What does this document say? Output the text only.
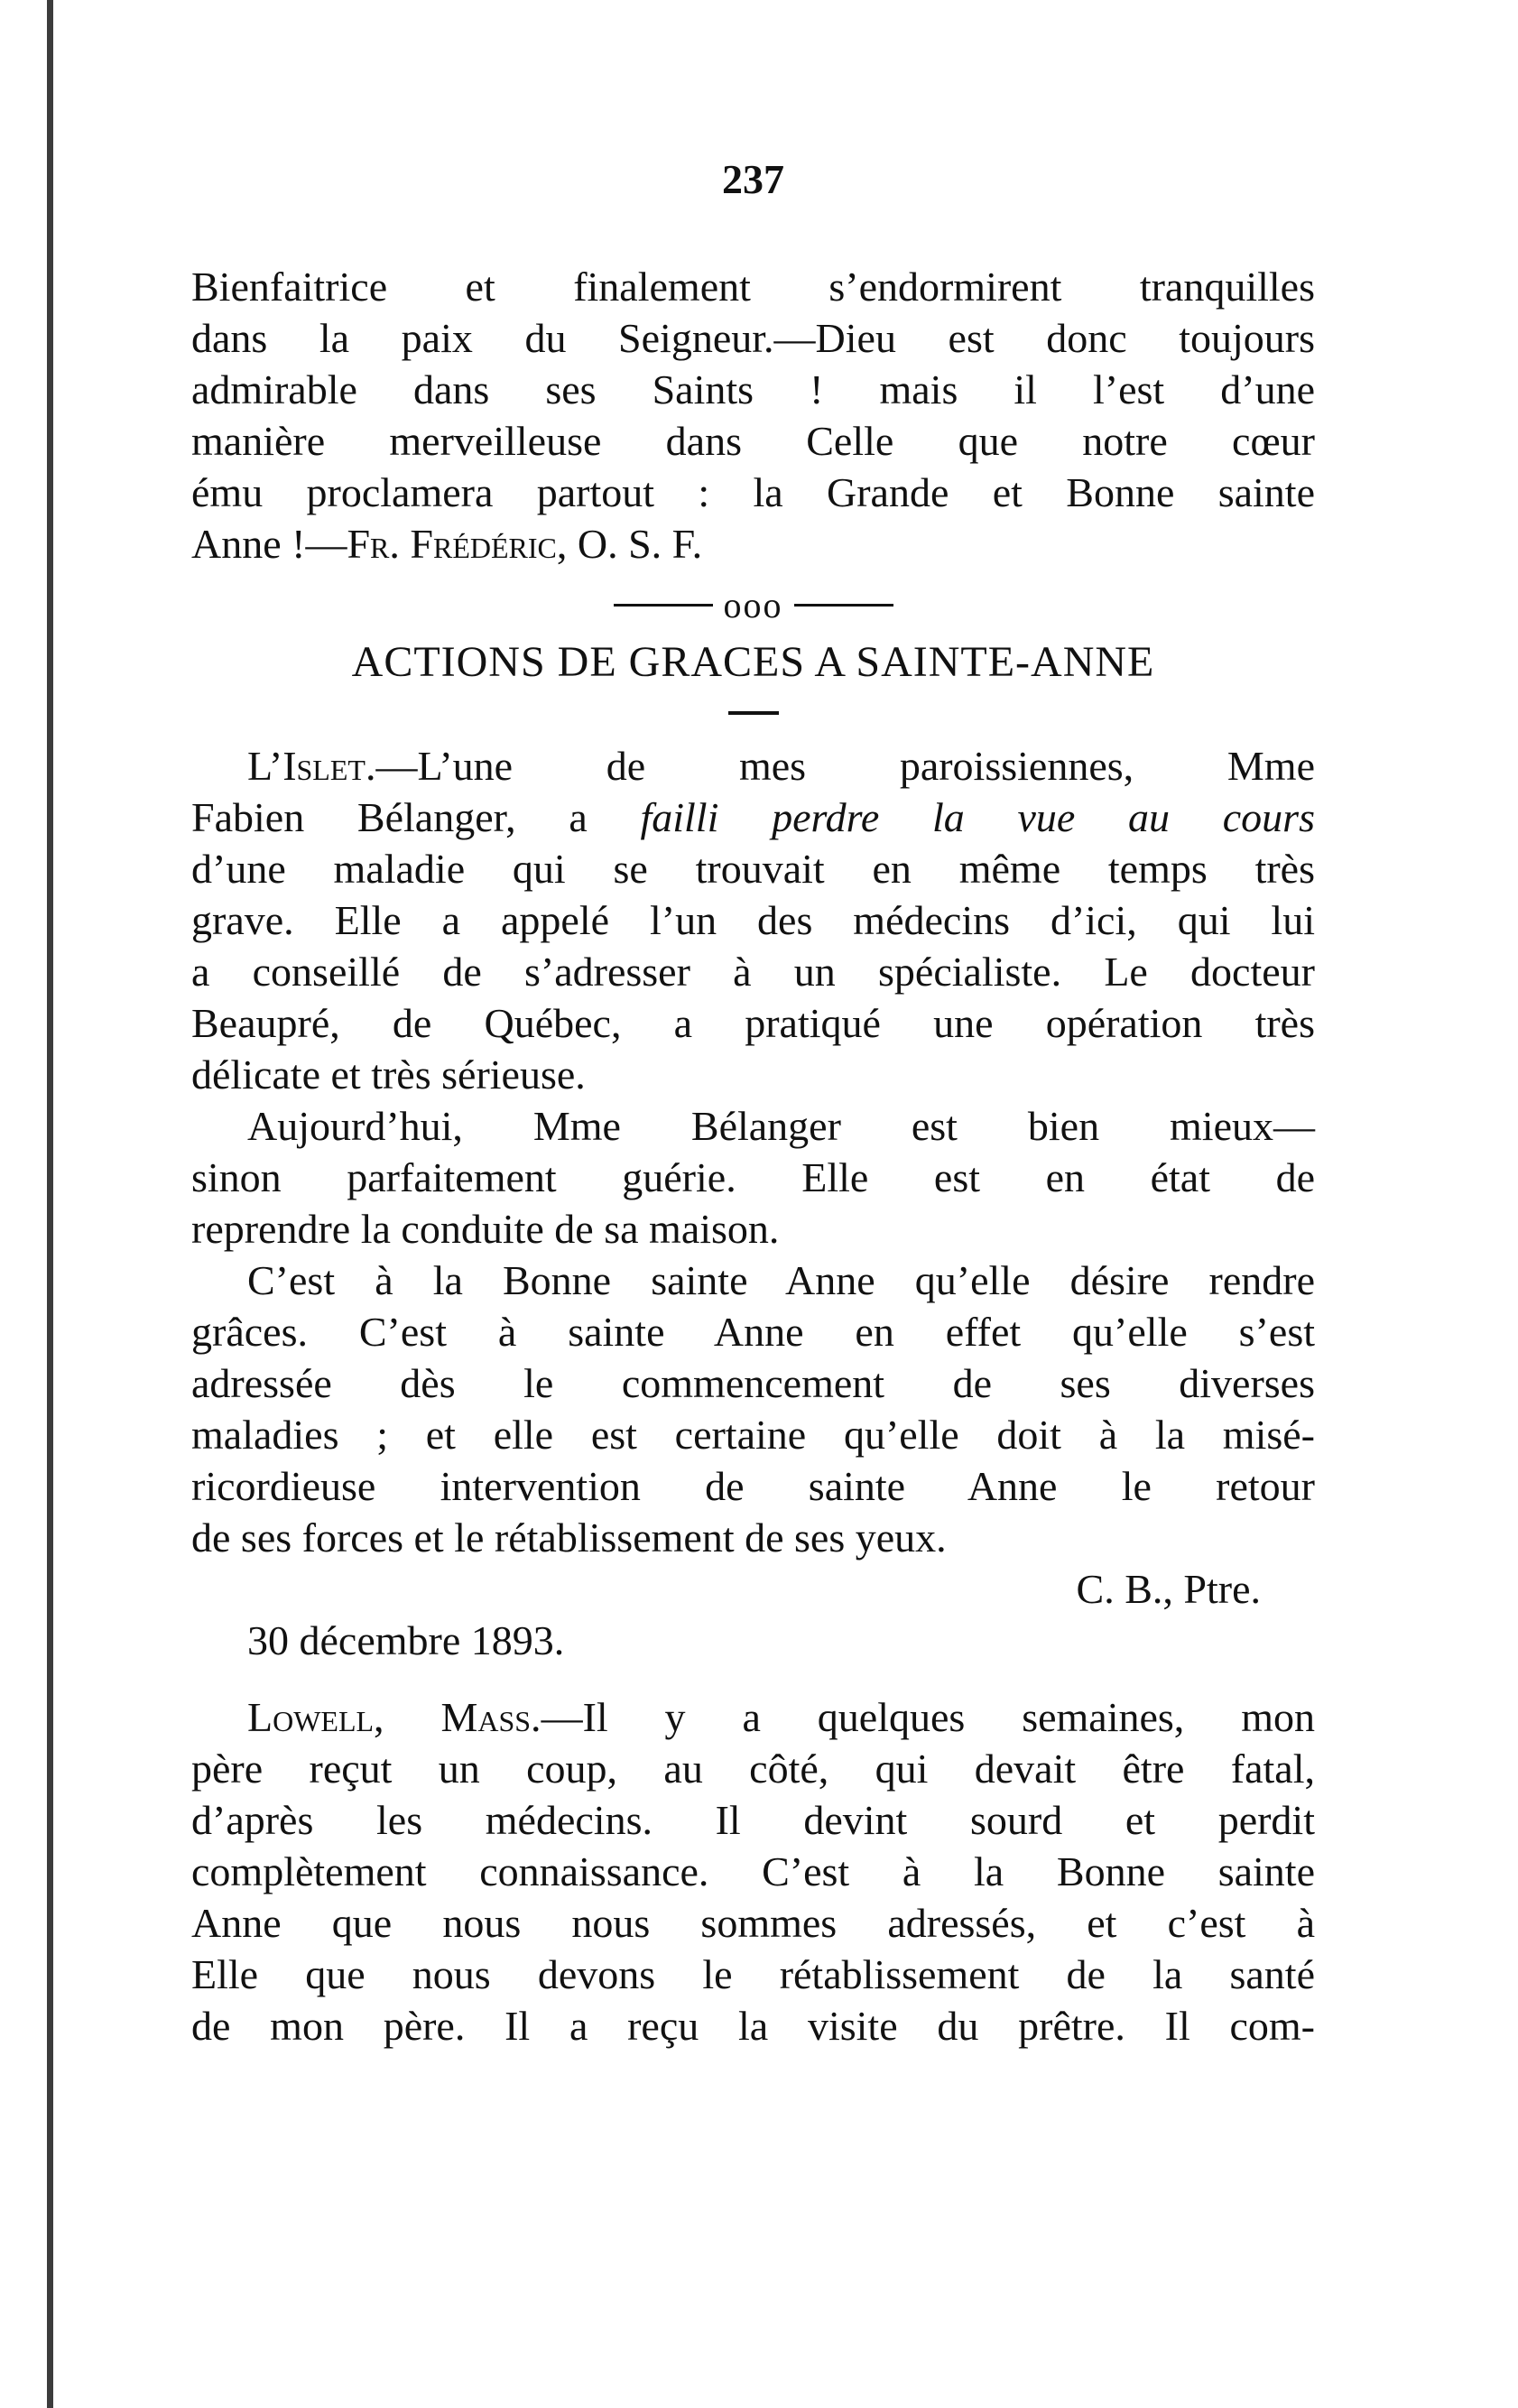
237
Bienfaitrice et finalement s’endormirent tranquilles
dans la paix du Seigneur.—Dieu est donc toujours
admirable dans ses Saints ! mais il l’est d’une
manière merveilleuse dans Celle que notre cœur
ému proclamera partout : la Grande et Bonne sainte
Anne !—Fr. Frédéric, O. S. F.
ooo
ACTIONS DE GRACES A SAINTE-ANNE
L’Islet.—L’une de mes paroissiennes, Mme
Fabien Bélanger, a failli perdre la vue au cours
d’une maladie qui se trouvait en même temps très
grave. Elle a appelé l’un des médecins d’ici, qui lui
a conseillé de s’adresser à un spécialiste. Le docteur
Beaupré, de Québec, a pratiqué une opération très
délicate et très sérieuse.
Aujourd’hui, Mme Bélanger est bien mieux—
sinon parfaitement guérie. Elle est en état de
reprendre la conduite de sa maison.
C’est à la Bonne sainte Anne qu’elle désire rendre
grâces. C’est à sainte Anne en effet qu’elle s’est
adressée dès le commencement de ses diverses
maladies ; et elle est certaine qu’elle doit à la misé-
ricordieuse intervention de sainte Anne le retour
de ses forces et le rétablissement de ses yeux.
C. B., Ptre.
30 décembre 1893.
Lowell, Mass.—Il y a quelques semaines, mon
père reçut un coup, au côté, qui devait être fatal,
d’après les médecins. Il devint sourd et perdit
complètement connaissance. C’est à la Bonne sainte
Anne que nous nous sommes adressés, et c’est à
Elle que nous devons le rétablissement de la santé
de mon père. Il a reçu la visite du prêtre. Il com-
